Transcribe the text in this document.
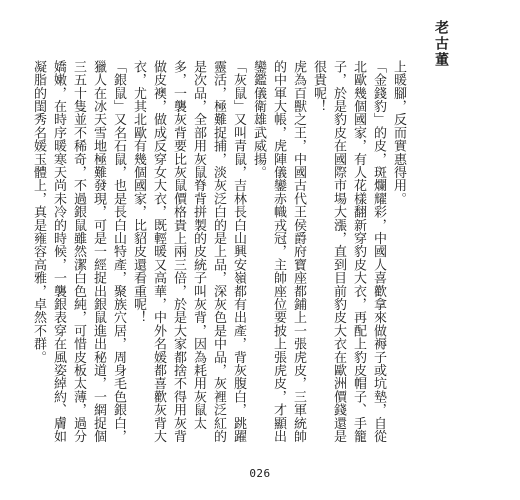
老古董

上暖腳，反而實惠得用。

「金錢豹」的皮，斑爛耀彩，中國人喜歡拿來做褥子或坑墊，自從北歐幾個國家，有人花樣翻新穿豹皮大衣，再配上豹皮帽子、手籠子，於是豹皮在國際市場大漲，直到目前豹皮大衣在歐洲價錢還是很貴呢！

虎為百獸之王，中國古代王侯爵府寶座都鋪上一張虎皮，三軍統帥的中軍大帳，虎陣儀鑾赤幟戎冠，主帥座位要披上張虎皮，才顯出鑾鑑儀衛雄武威揚。

「灰鼠」又叫青鼠，吉林長白山興安嶺都有出產，背灰腹白，跳躍靈活，極難捉捕，淡灰泛白的是上品，深灰色是中品，灰裡泛紅的是次品，全部用灰鼠脊背拼製的皮統子叫灰背，因為耗用灰鼠太多，一襲灰背要比灰鼠價格貴上兩三倍，於是大家都捨不得用灰背做皮襖，做成反穿女大衣，既輕暖又高華，中外名媛都喜歡灰背大衣，尤其北歐有幾個國家，比貂皮還看重呢！

「銀鼠」又名石鼠，也是長白山特產，聚族穴居，周身毛色銀白，獵人在冰天雪地極難發現，可是一經捉出銀鼠進出秘道，一網捉個三五十隻並不稀奇，不過銀鼠雖然潔白色純，可惜皮板太薄，過分嬌嫩，在時序暖寒天尚未冷的時候，一襲銀表穿在風姿綽約、膚如凝脂的閨秀名媛玉體上，真是雍容高雅，卓然不群。

026
